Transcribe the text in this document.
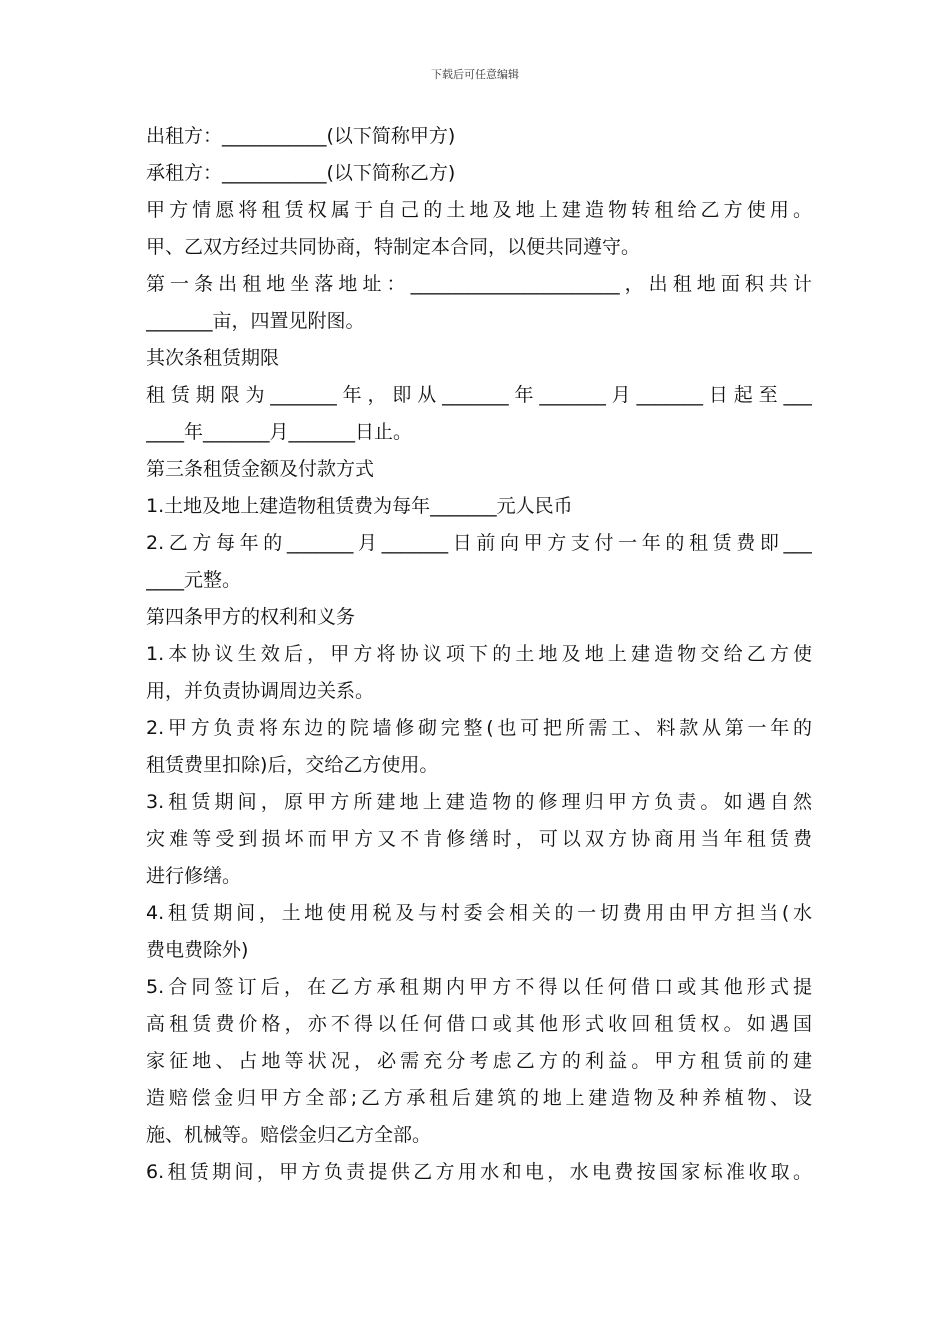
下载后可任意编辑
出租方：___________(以下简称甲方)
承租方：___________(以下简称乙方)
甲方情愿将租赁权属于自己的土地及地上建造物转租给乙方使用。
甲、乙双方经过共同协商，特制定本合同，以便共同遵守。
第一条出租地坐落地址：______________________，出租地面积共计
_______亩，四置见附图。
其次条租赁期限
租赁期限为_______年，即从_______年_______月_______日起至___
____年_______月_______日止。
第三条租赁金额及付款方式
1.土地及地上建造物租赁费为每年_______元人民币
2.乙方每年的_______月_______日前向甲方支付一年的租赁费即___
____元整。
第四条甲方的权利和义务
1.本协议生效后，甲方将协议项下的土地及地上建造物交给乙方使
用，并负责协调周边关系。
2.甲方负责将东边的院墙修砌完整(也可把所需工、料款从第一年的
租赁费里扣除)后，交给乙方使用。
3.租赁期间，原甲方所建地上建造物的修理归甲方负责。如遇自然
灾难等受到损坏而甲方又不肯修缮时，可以双方协商用当年租赁费
进行修缮。
4.租赁期间，土地使用税及与村委会相关的一切费用由甲方担当(水
费电费除外)
5.合同签订后，在乙方承租期内甲方不得以任何借口或其他形式提
高租赁费价格，亦不得以任何借口或其他形式收回租赁权。如遇国
家征地、占地等状况，必需充分考虑乙方的利益。甲方租赁前的建
造赔偿金归甲方全部;乙方承租后建筑的地上建造物及种养植物、设
施、机械等。赔偿金归乙方全部。
6.租赁期间，甲方负责提供乙方用水和电，水电费按国家标准收取。
